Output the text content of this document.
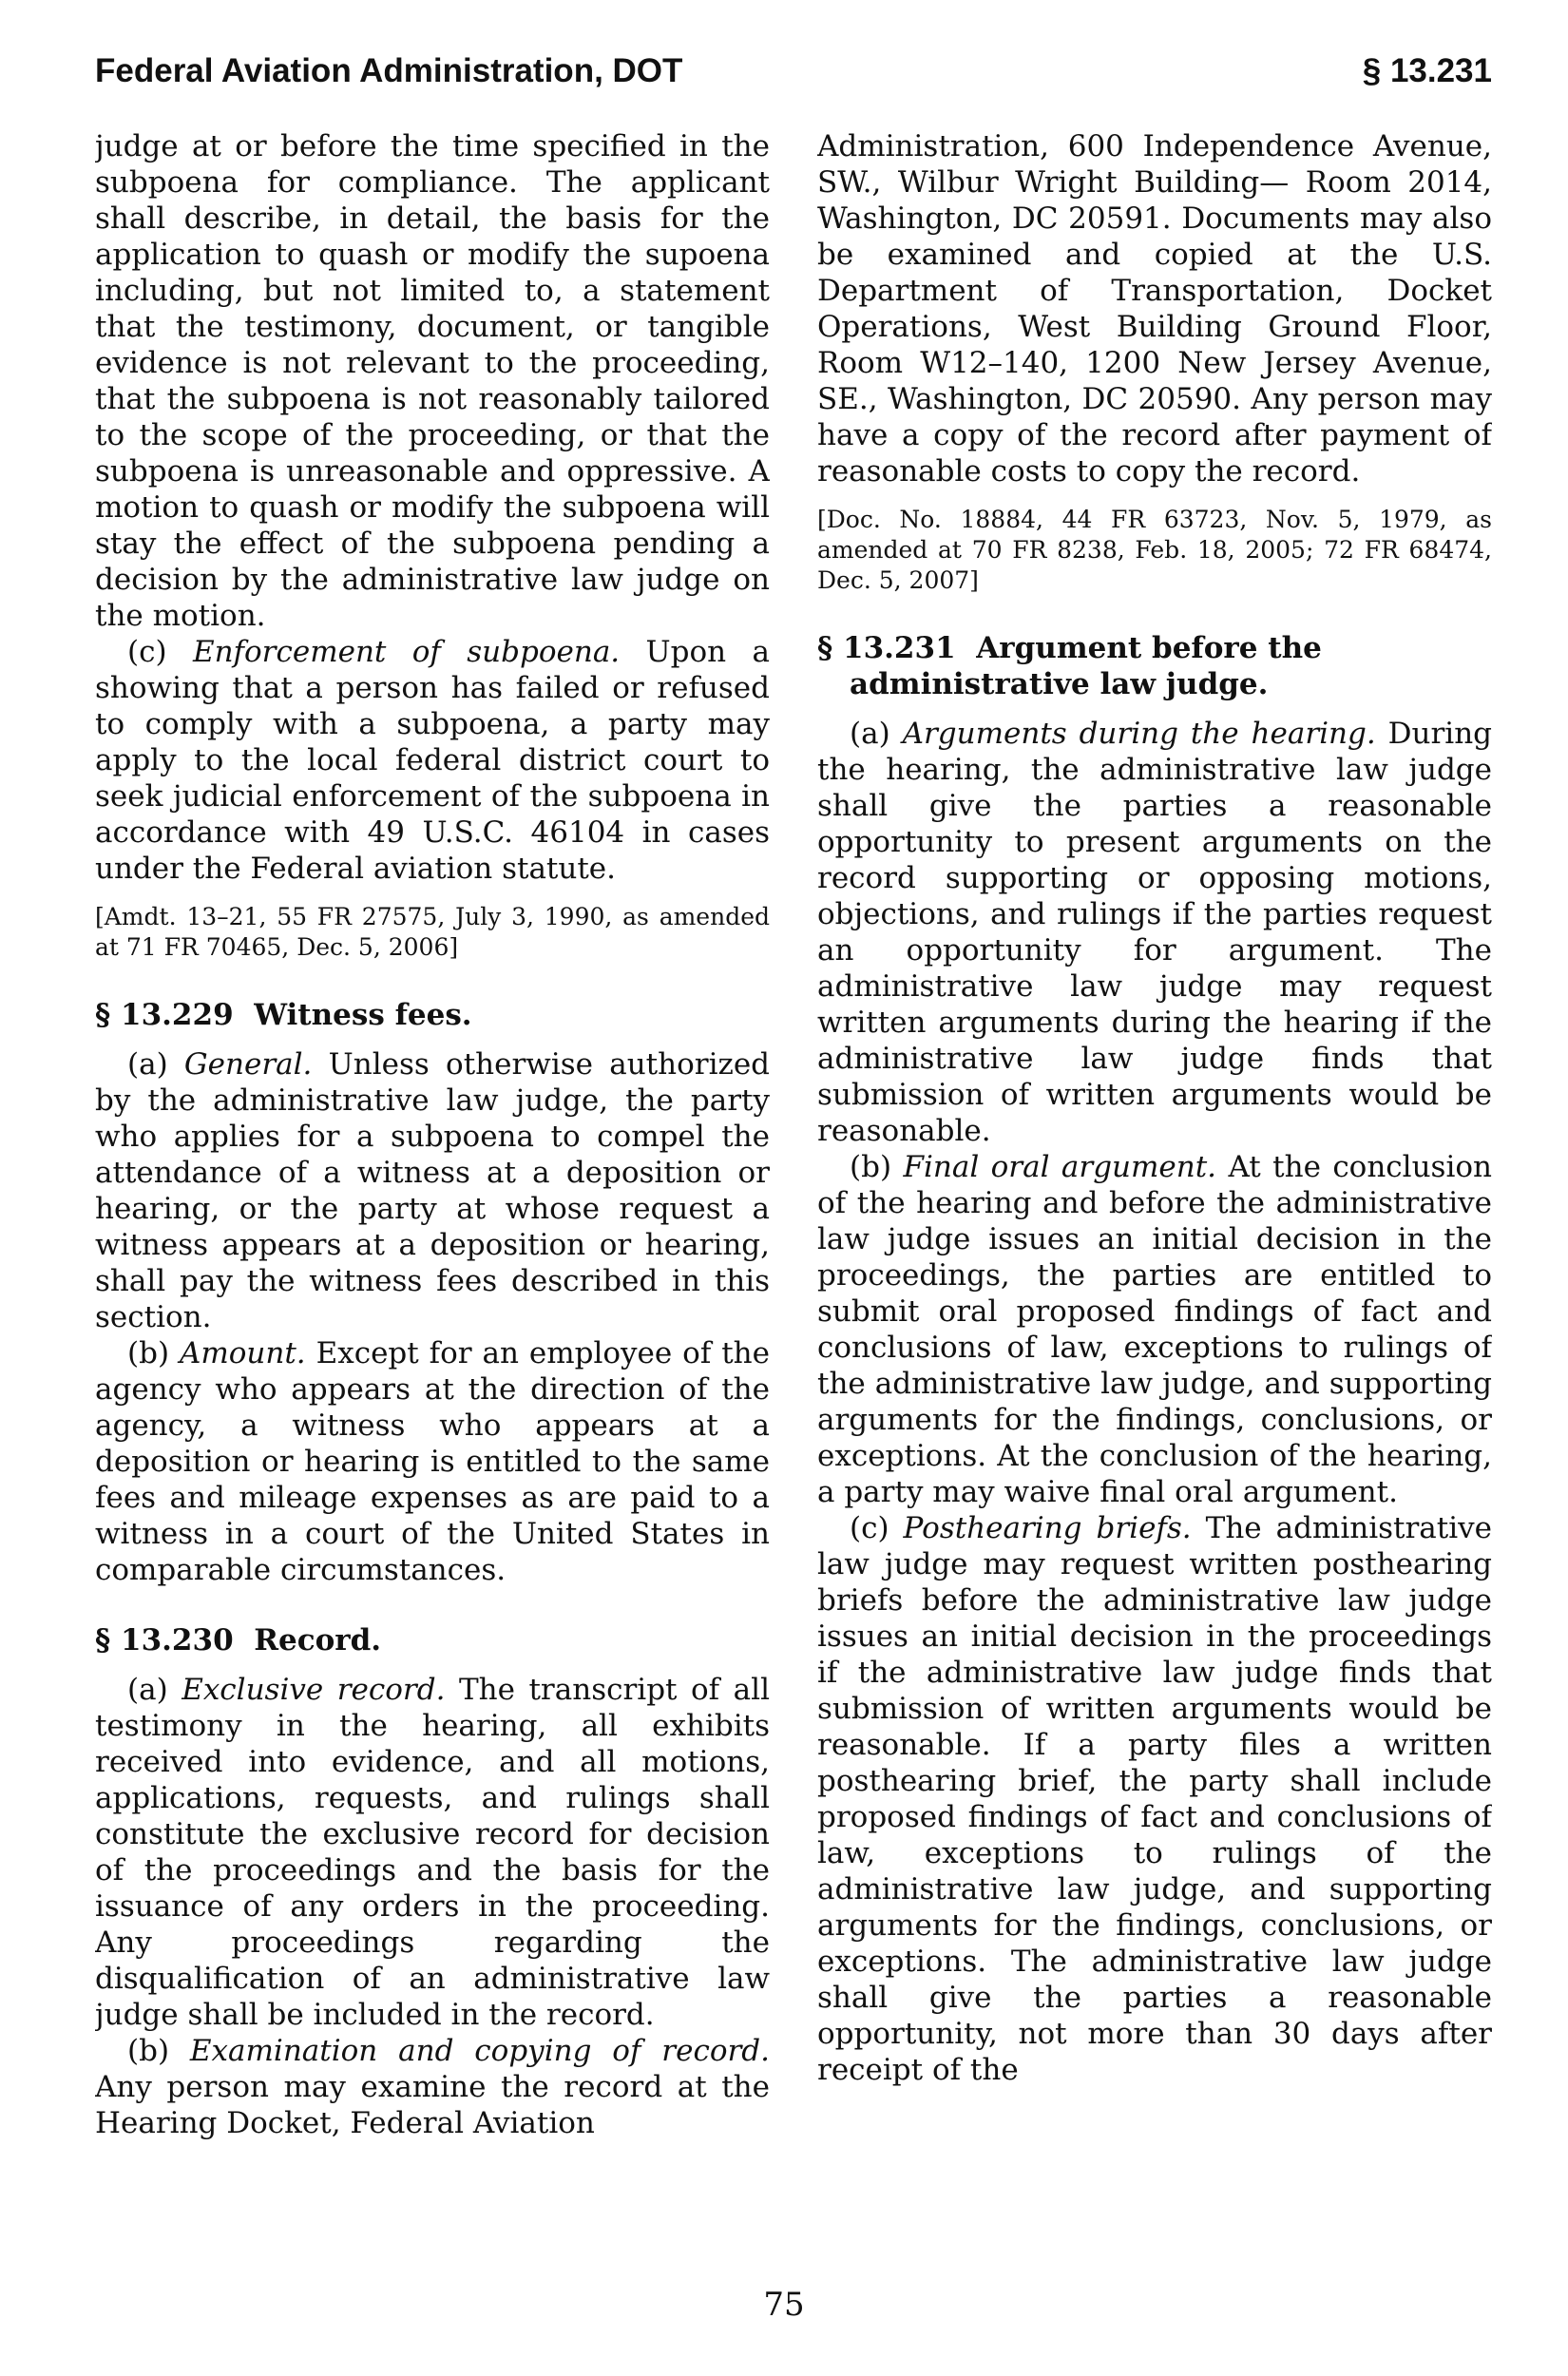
Federal Aviation Administration, DOT	§ 13.231

judge at or before the time specified in the subpoena for compliance. The applicant shall describe, in detail, the basis for the application to quash or modify the supoena including, but not limited to, a statement that the testimony, document, or tangible evidence is not relevant to the proceeding, that the subpoena is not reasonably tailored to the scope of the proceeding, or that the subpoena is unreasonable and oppressive. A motion to quash or modify the subpoena will stay the effect of the subpoena pending a decision by the administrative law judge on the motion.

(c) Enforcement of subpoena. Upon a showing that a person has failed or refused to comply with a subpoena, a party may apply to the local federal district court to seek judicial enforcement of the subpoena in accordance with 49 U.S.C. 46104 in cases under the Federal aviation statute.

[Amdt. 13–21, 55 FR 27575, July 3, 1990, as amended at 71 FR 70465, Dec. 5, 2006]

§ 13.229 Witness fees.

(a) General. Unless otherwise authorized by the administrative law judge, the party who applies for a subpoena to compel the attendance of a witness at a deposition or hearing, or the party at whose request a witness appears at a deposition or hearing, shall pay the witness fees described in this section.

(b) Amount. Except for an employee of the agency who appears at the direction of the agency, a witness who appears at a deposition or hearing is entitled to the same fees and mileage expenses as are paid to a witness in a court of the United States in comparable circumstances.

§ 13.230 Record.

(a) Exclusive record. The transcript of all testimony in the hearing, all exhibits received into evidence, and all motions, applications, requests, and rulings shall constitute the exclusive record for decision of the proceedings and the basis for the issuance of any orders in the proceeding. Any proceedings regarding the disqualification of an administrative law judge shall be included in the record.

(b) Examination and copying of record. Any person may examine the record at the Hearing Docket, Federal Aviation

Administration, 600 Independence Avenue, SW., Wilbur Wright Building— Room 2014, Washington, DC 20591. Documents may also be examined and copied at the U.S. Department of Transportation, Docket Operations, West Building Ground Floor, Room W12–140, 1200 New Jersey Avenue, SE., Washington, DC 20590. Any person may have a copy of the record after payment of reasonable costs to copy the record.

[Doc. No. 18884, 44 FR 63723, Nov. 5, 1979, as amended at 70 FR 8238, Feb. 18, 2005; 72 FR 68474, Dec. 5, 2007]

§ 13.231 Argument before the administrative law judge.

(a) Arguments during the hearing. During the hearing, the administrative law judge shall give the parties a reasonable opportunity to present arguments on the record supporting or opposing motions, objections, and rulings if the parties request an opportunity for argument. The administrative law judge may request written arguments during the hearing if the administrative law judge finds that submission of written arguments would be reasonable.

(b) Final oral argument. At the conclusion of the hearing and before the administrative law judge issues an initial decision in the proceedings, the parties are entitled to submit oral proposed findings of fact and conclusions of law, exceptions to rulings of the administrative law judge, and supporting arguments for the findings, conclusions, or exceptions. At the conclusion of the hearing, a party may waive final oral argument.

(c) Posthearing briefs. The administrative law judge may request written posthearing briefs before the administrative law judge issues an initial decision in the proceedings if the administrative law judge finds that submission of written arguments would be reasonable. If a party files a written posthearing brief, the party shall include proposed findings of fact and conclusions of law, exceptions to rulings of the administrative law judge, and supporting arguments for the findings, conclusions, or exceptions. The administrative law judge shall give the parties a reasonable opportunity, not more than 30 days after receipt of the

75
